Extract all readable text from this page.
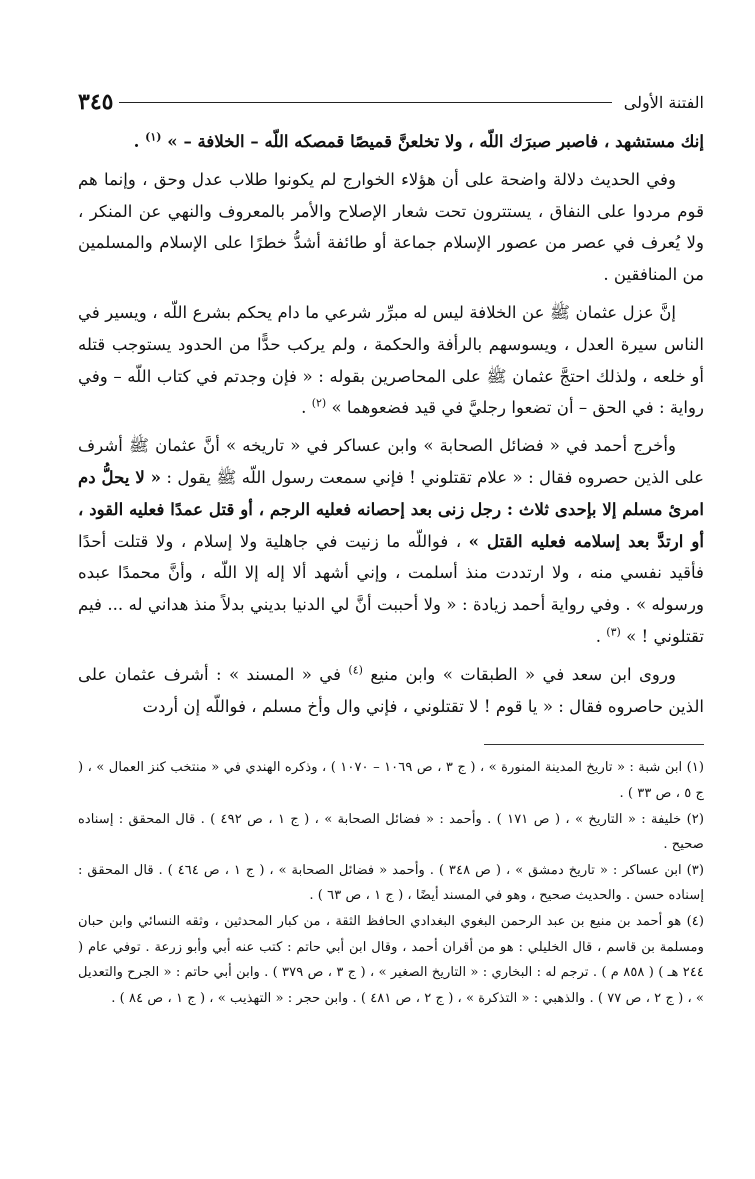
الفتنة الأولى
٣٤٥

إنك مستشهد ، فاصبر صبرَك اللّه ، ولا تخلعنَّ قميصًا قمصكه اللّه – الخلافة – » $^{(١)}$ .

وفي الحديث دلالة واضحة على أن هؤلاء الخوارج لم يكونوا طلاب عدل وحق ، وإنما هم قوم مردوا على النفاق ، يستترون تحت شعار الإصلاح والأمر بالمعروف والنهي عن المنكر ، ولا يُعرف في عصر من عصور الإسلام جماعة أو طائفة أشدُّ خطرًا على الإسلام والمسلمين من المنافقين .

إنَّ عزل عثمان ﷺ عن الخلافة ليس له مبرِّر شرعي ما دام يحكم بشرع اللّه ، ويسير في الناس سيرة العدل ، ويسوسهم بالرأفة والحكمة ، ولم يركب حدًّا من الحدود يستوجب قتله أو خلعه ، ولذلك احتجَّ عثمان ﷺ على المحاصرين بقوله : « فإن وجدتم في كتاب اللّه – وفي رواية : في الحق – أن تضعوا رجليَّ في قيد فضعوهما » $^{(٢)}$ .

وأخرج أحمد في « فضائل الصحابة » وابن عساكر في « تاريخه » أنَّ عثمان ﷺ أشرف على الذين حصروه فقال : « علام تقتلوني ! فإني سمعت رسول اللّه ﷺ يقول : « لا يحلُّ دم امرئ مسلم إلا بإحدى ثلاث : رجل زنى بعد إحصانه فعليه الرجم ، أو قتل عمدًا فعليه القود ، أو ارتدَّ بعد إسلامه فعليه القتل » ، فواللّه ما زنيت في جاهلية ولا إسلام ، ولا قتلت أحدًا فأقيد نفسي منه ، ولا ارتددت منذ أسلمت ، وإني أشهد ألا إله إلا اللّه ، وأنَّ محمدًا عبده ورسوله » . وفي رواية أحمد زيادة : « ولا أحببت أنَّ لي الدنيا بديني بدلاً منذ هداني له ... فيم تقتلوني ! » $^{(٣)}$ .

وروى ابن سعد في « الطبقات » وابن منيع $^{(٤)}$ في « المسند » : أشرف عثمان على الذين حاصروه فقال : « يا قوم ! لا تقتلوني ، فإني وال وأخ مسلم ، فواللّه إن أردت

(١) ابن شبة : « تاريخ المدينة المنورة » ، ( ج ٣ ، ص ١٠٦٩ – ١٠٧٠ ) ، وذكره الهندي في « منتخب كنز العمال » ، ( ج ٥ ، ص ٣٣ ) .

(٢) خليفة : « التاريخ » ، ( ص ١٧١ ) . وأحمد : « فضائل الصحابة » ، ( ج ١ ، ص ٤٩٢ ) . قال المحقق : إسناده صحيح .

(٣) ابن عساكر : « تاريخ دمشق » ، ( ص ٣٤٨ ) . وأحمد « فضائل الصحابة » ، ( ج ١ ، ص ٤٦٤ ) . قال المحقق : إسناده حسن . والحديث صحيح ، وهو في المسند أيضًا ، ( ج ١ ، ص ٦٣ ) .

(٤) هو أحمد بن منيع بن عبد الرحمن البغوي البغدادي الحافظ الثقة ، من كبار المحدثين ، وثقه النسائي وابن حبان ومسلمة بن قاسم ، قال الخليلي : هو من أقران أحمد ، وقال ابن أبي حاتم : كتب عنه أبي وأبو زرعة . توفي عام ( ٢٤٤ هـ ) ( ٨٥٨ م ) . ترجم له : البخاري : « التاريخ الصغير » ، ( ج ٣ ، ص ٣٧٩ ) . وابن أبي حاتم : « الجرح والتعديل » ، ( ج ٢ ، ص ٧٧ ) . والذهبي : « التذكرة » ، ( ج ٢ ، ص ٤٨١ ) . وابن حجر : « التهذيب » ، ( ج ١ ، ص ٨٤ ) .
